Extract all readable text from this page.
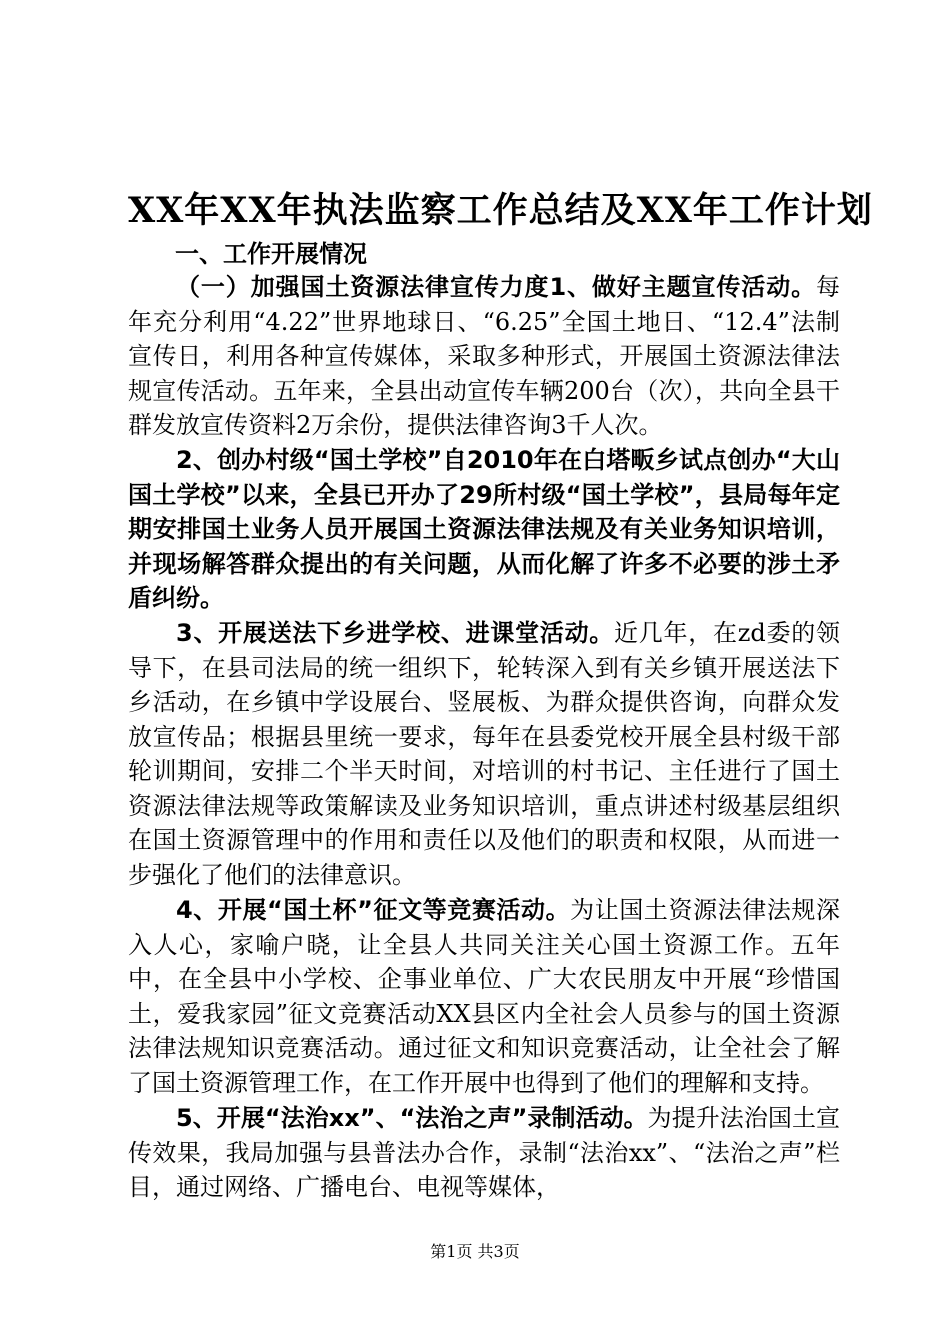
XX年XX年执法监察工作总结及XX年工作计划
一、工作开展情况

（一）加强国土资源法律宣传力度1、做好主题宣传活动。每年充分利用“4.22”世界地球日、“6.25”全国土地日、“12.4”法制宣传日，利用各种宣传媒体，采取多种形式，开展国土资源法律法规宣传活动。五年来，全县出动宣传车辆200台（次），共向全县干群发放宣传资料2万余份，提供法律咨询3千人次。

2、创办村级“国土学校”自2010年在白塔畈乡试点创办“大山国土学校”以来，全县已开办了29所村级“国土学校”，县局每年定期安排国土业务人员开展国土资源法律法规及有关业务知识培训，并现场解答群众提出的有关问题，从而化解了许多不必要的涉土矛盾纠纷。

3、开展送法下乡进学校、进课堂活动。近几年，在zd委的领导下，在县司法局的统一组织下，轮转深入到有关乡镇开展送法下乡活动，在乡镇中学设展台、竖展板、为群众提供咨询，向群众发放宣传品；根据县里统一要求，每年在县委党校开展全县村级干部轮训期间，安排二个半天时间，对培训的村书记、主任进行了国土资源法律法规等政策解读及业务知识培训，重点讲述村级基层组织在国土资源管理中的作用和责任以及他们的职责和权限，从而进一步强化了他们的法律意识。

4、开展“国土杯”征文等竞赛活动。为让国土资源法律法规深入人心，家喻户晓，让全县人共同关注关心国土资源工作。五年中，在全县中小学校、企事业单位、广大农民朋友中开展“珍惜国土，爱我家园”征文竞赛活动XX县区内全社会人员参与的国土资源法律法规知识竞赛活动。通过征文和知识竞赛活动，让全社会了解了国土资源管理工作，在工作开展中也得到了他们的理解和支持。

5、开展“法治xx”、“法治之声”录制活动。为提升法治国土宣传效果，我局加强与县普法办合作，录制“法治xx”、“法治之声”栏目，通过网络、广播电台、电视等媒体，

第1页 共3页
